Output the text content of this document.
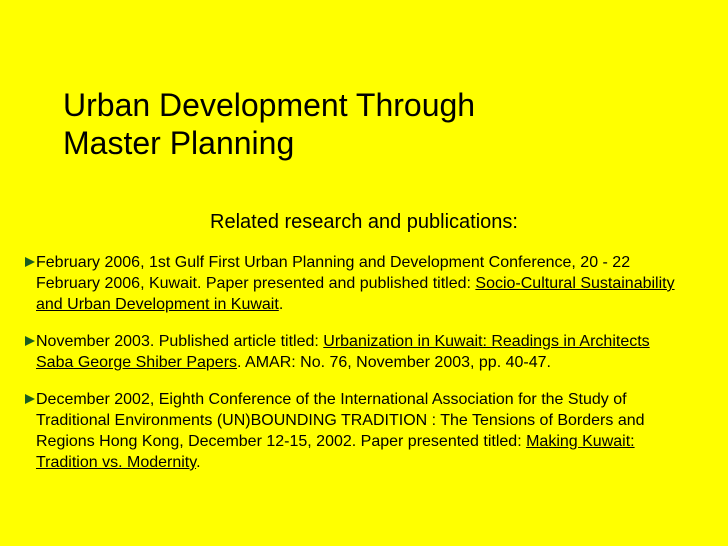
Urban Development Through
Master Planning
Related research and publications:
February 2006, 1st Gulf First Urban Planning and Development Conference, 20 - 22 February 2006, Kuwait. Paper presented and published titled: Socio-Cultural Sustainability and Urban Development in Kuwait.
November 2003. Published article titled: Urbanization in Kuwait: Readings in Architects Saba George Shiber Papers. AMAR: No. 76, November 2003, pp. 40-47.
December 2002, Eighth Conference of the International Association for the Study of Traditional Environments (UN)BOUNDING TRADITION : The Tensions of Borders and Regions Hong Kong, December 12-15, 2002. Paper presented titled: Making Kuwait: Tradition vs. Modernity.
